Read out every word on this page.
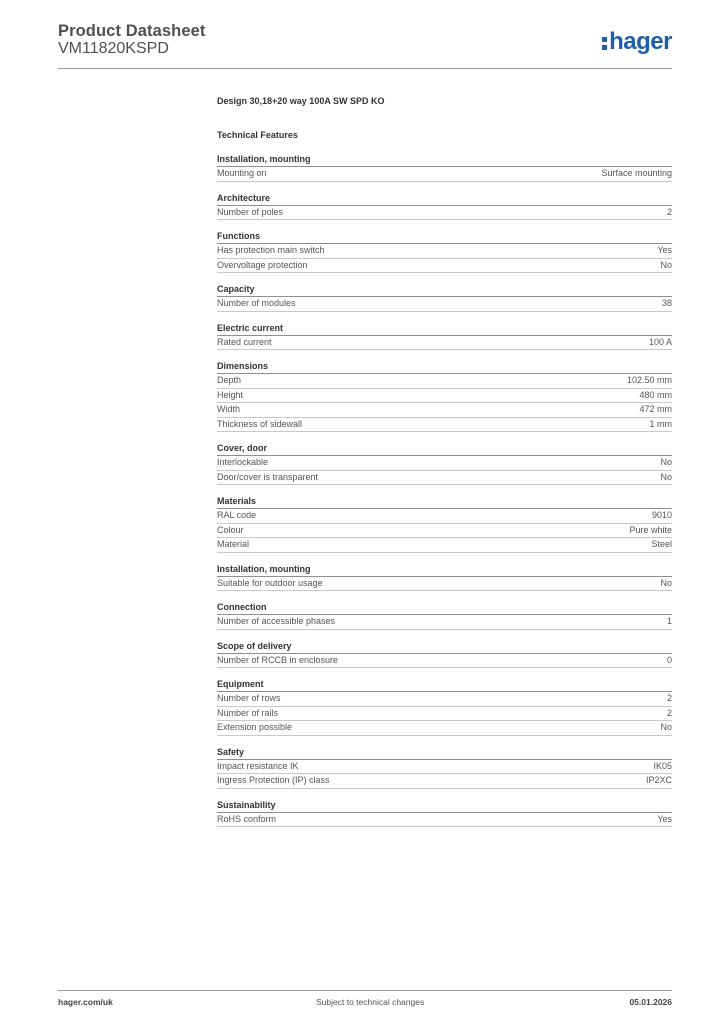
Product Datasheet
VM11820KSPD	hager
Design 30,18+20 way 100A SW SPD KO
Technical Features
Installation, mounting
Mounting on	Surface mounting
Architecture
Number of poles	2
Functions
Has protection main switch	Yes
Overvoltage protection	No
Capacity
Number of modules	38
Electric current
Rated current	100 A
Dimensions
Depth	102.50 mm
Height	480 mm
Width	472 mm
Thickness of sidewall	1 mm
Cover, door
Interlockable	No
Door/cover is transparent	No
Materials
RAL code	9010
Colour	Pure white
Material	Steel
Installation, mounting
Suitable for outdoor usage	No
Connection
Number of accessible phases	1
Scope of delivery
Number of RCCB in enclosure	0
Equipment
Number of rows	2
Number of rails	2
Extension possible	No
Safety
Impact resistance IK	IK05
Ingress Protection (IP) class	IP2XC
Sustainability
RoHS conform	Yes
hager.com/uk	Subject to technical changes	05.01.2026
